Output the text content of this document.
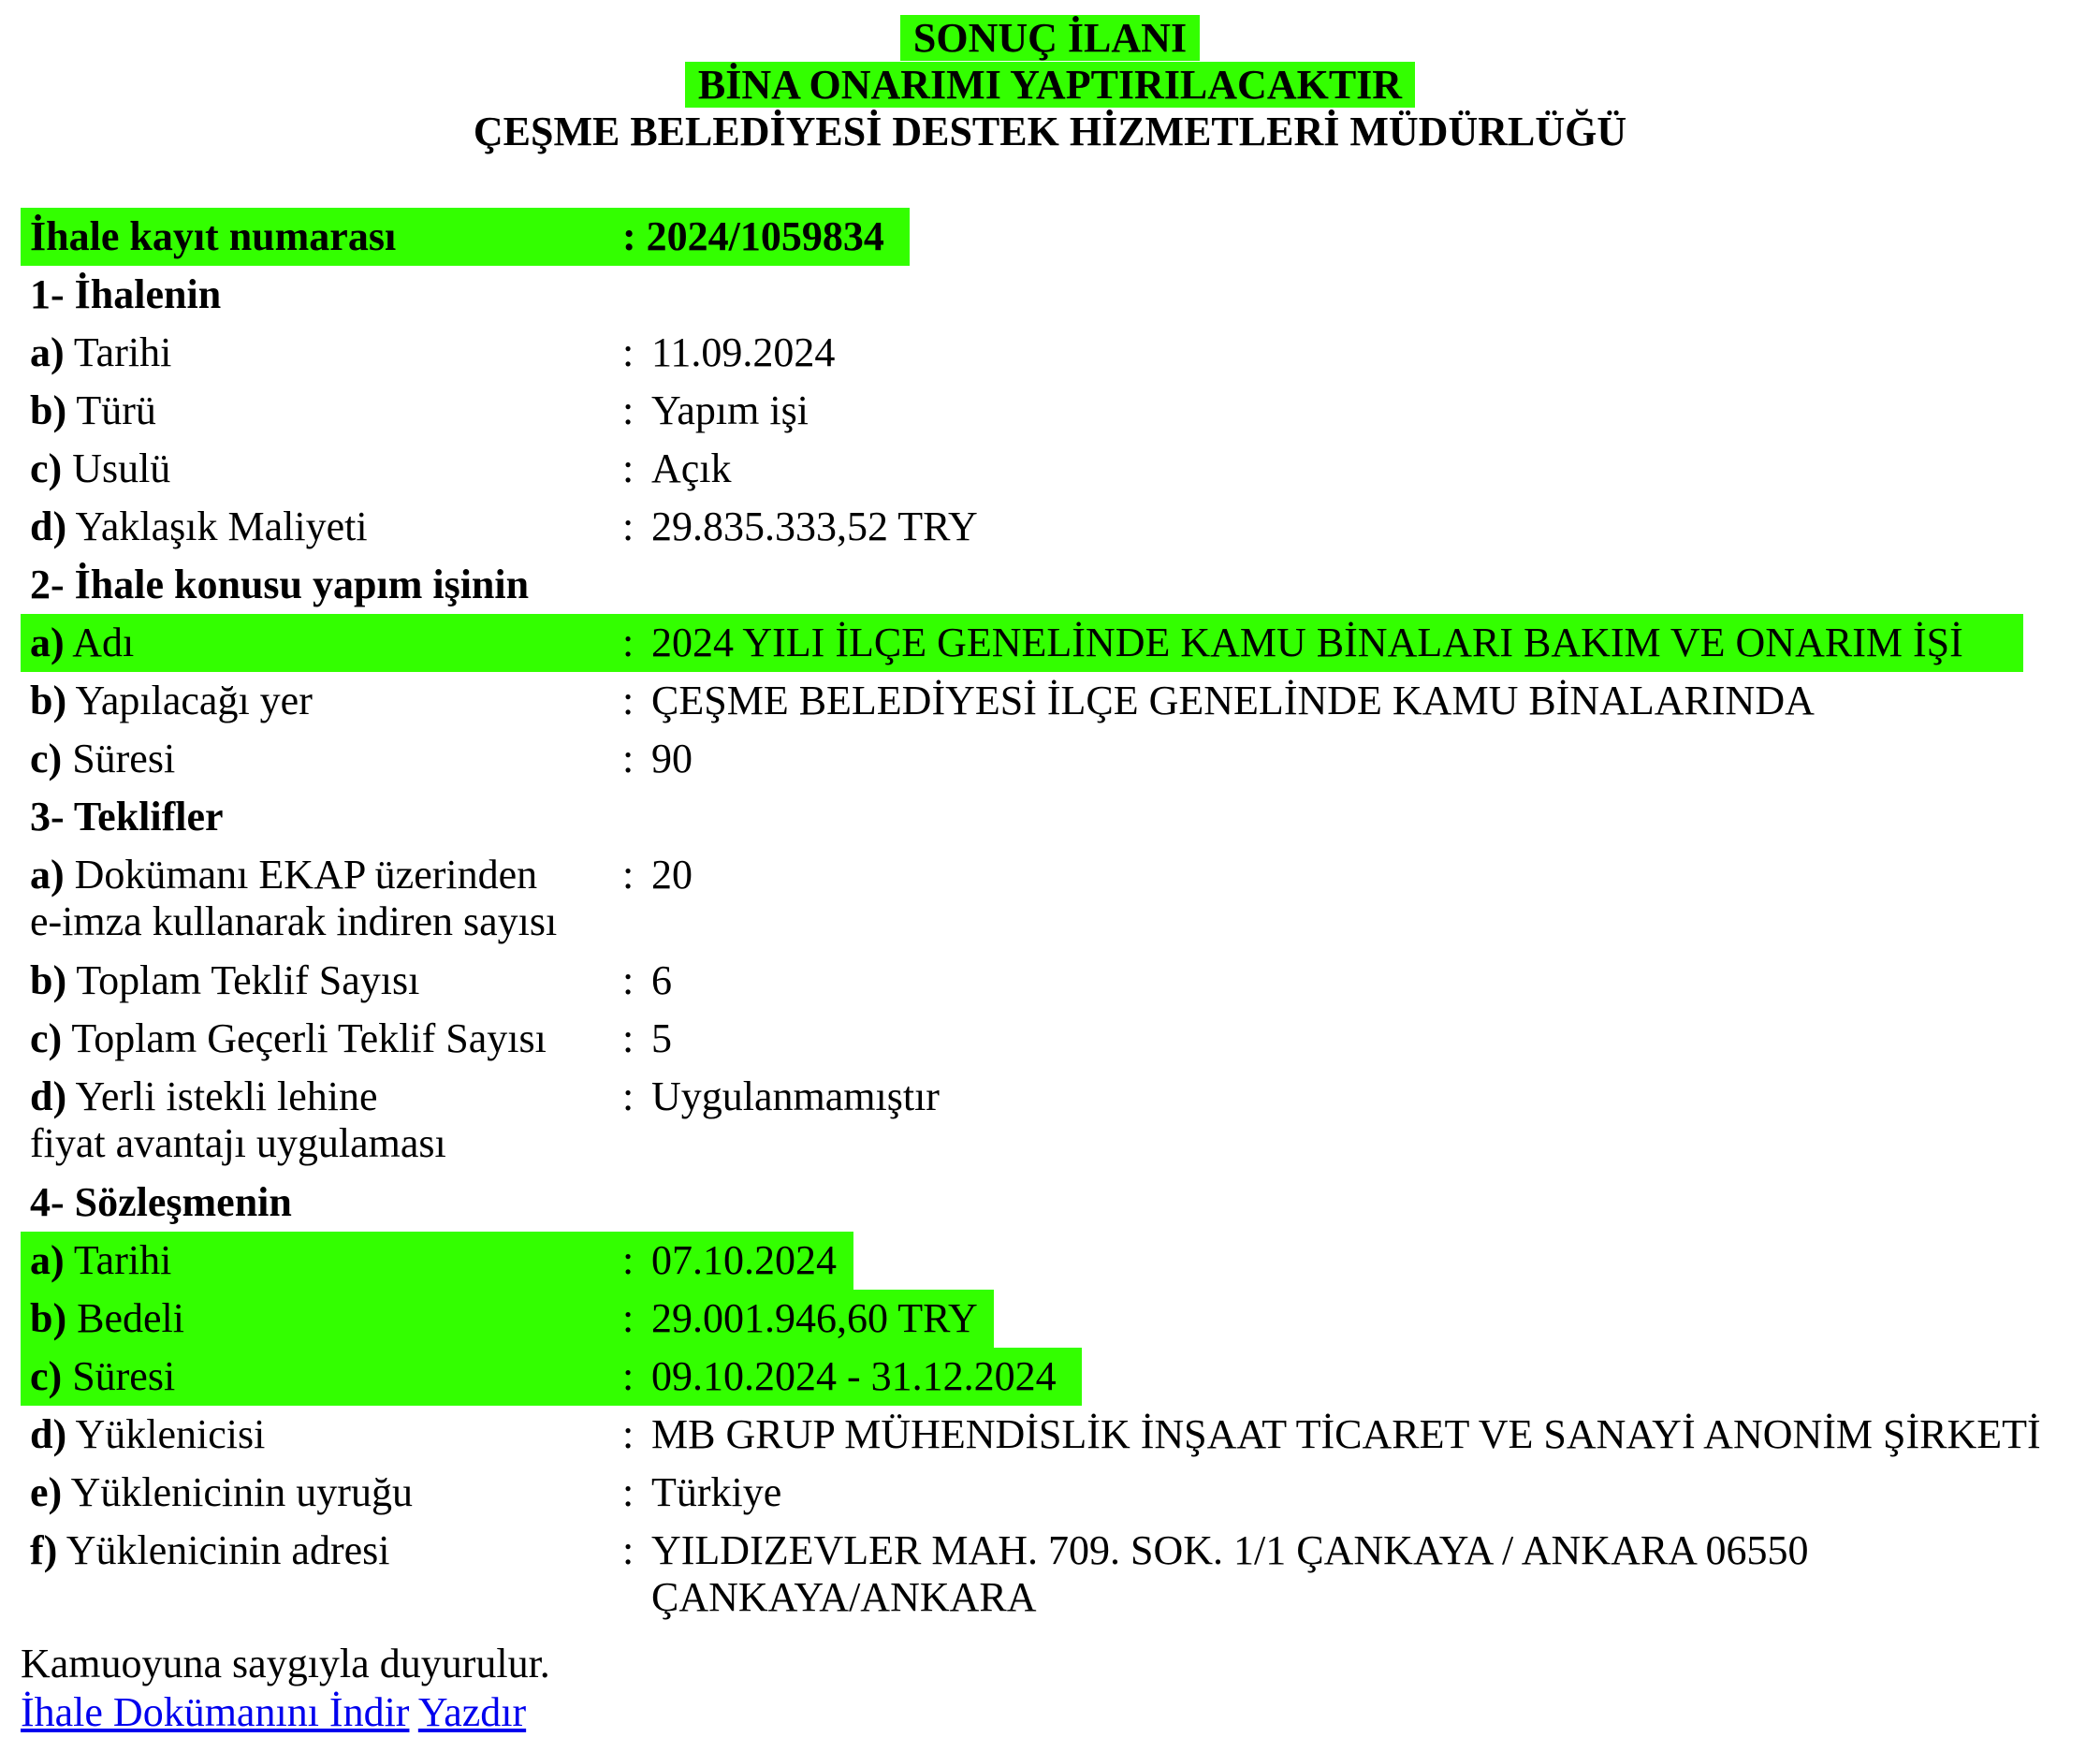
SONUÇ İLANI
BİNA ONARIMI YAPTIRILACAKTIR
ÇEŞME BELEDİYESİ DESTEK HİZMETLERİ MÜDÜRLÜĞÜ
İhale kayıt numarası	: 2024/1059834
1- İhalenin
a) Tarihi	: 11.09.2024
b) Türü	: Yapım işi
c) Usulü	: Açık
d) Yaklaşık Maliyeti	: 29.835.333,52 TRY
2- İhale konusu yapım işinin
a) Adı	: 2024 YILI İLÇE GENELİNDE KAMU BİNALARI BAKIM VE ONARIM İŞİ
b) Yapılacağı yer	: ÇEŞME BELEDİYESİ İLÇE GENELİNDE KAMU BİNALARINDA
c) Süresi	: 90
3- Teklifler
a) Dokümanı EKAP üzerinden
e-imza kullanarak indiren sayısı
: 20
b) Toplam Teklif Sayısı	: 6
c) Toplam Geçerli Teklif Sayısı	: 5
d) Yerli istekli lehine
fiyat avantajı uygulaması
: Uygulanmamıştır
4- Sözleşmenin
a) Tarihi	: 07.10.2024
b) Bedeli	: 29.001.946,60 TRY
c) Süresi	: 09.10.2024 - 31.12.2024
d) Yüklenicisi	: MB GRUP MÜHENDİSLİK İNŞAAT TİCARET VE SANAYİ ANONİM ŞİRKETİ
e) Yüklenicinin uyruğu	: Türkiye
f) Yüklenicinin adresi	: YILDIZEVLER MAH. 709. SOK. 1/1 ÇANKAYA / ANKARA 06550
ÇANKAYA/ANKARA
Kamuoyuna saygıyla duyurulur.
İhale Dokümanını İndir Yazdır
